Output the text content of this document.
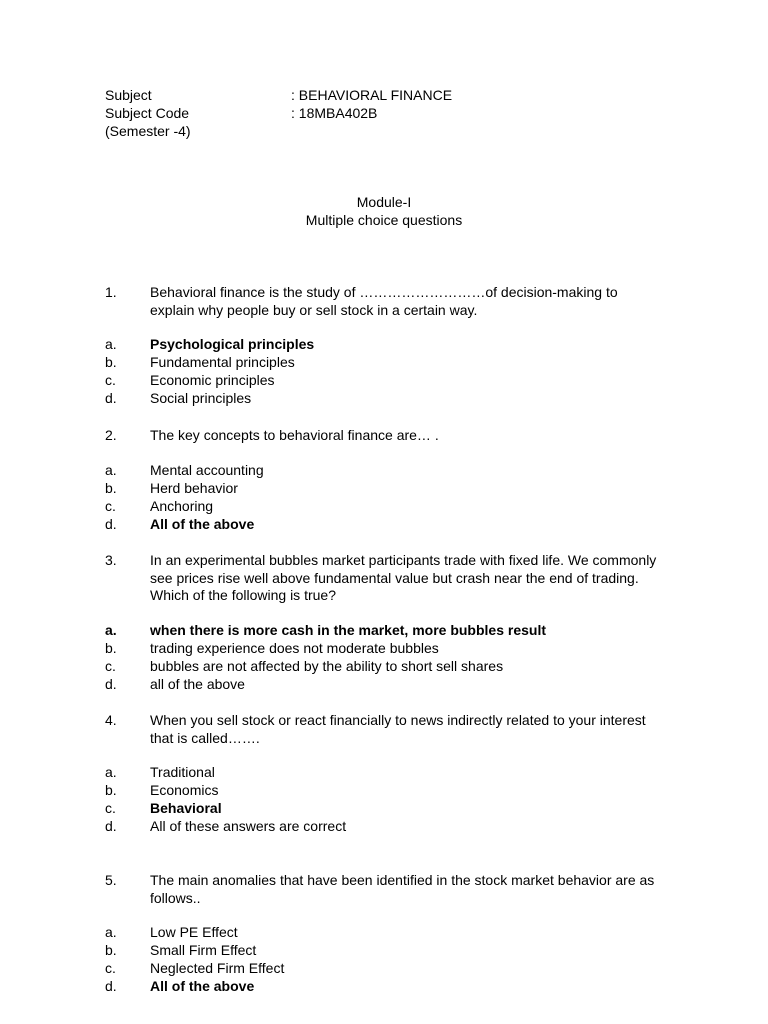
Subject	: BEHAVIORAL FINANCE
Subject Code	: 18MBA402B
(Semester -4)
Module-I
Multiple choice questions
1.	Behavioral finance is the study of ………………………of decision-making to explain why people buy or sell stock in a certain way.
a.	Psychological principles
b.	Fundamental principles
c.	Economic principles
d.	Social principles
2.	The key concepts to behavioral finance are… .
a.	Mental accounting
b.	Herd behavior
c.	Anchoring
d.	All of the above
3.	In an experimental bubbles market participants trade with fixed life. We commonly see prices rise well above fundamental value but crash near the end of trading. Which of the following is true?
a.	when there is more cash in the market, more bubbles result
b.	trading experience does not moderate bubbles
c.	bubbles are not affected by the ability to short sell shares
d.	all of the above
4.	When you sell stock or react financially to news indirectly related to your interest that is called…….
a.	Traditional
b.	Economics
c.	Behavioral
d.	All of these answers are correct
5.	The main anomalies that have been identified in the stock market behavior are as follows..
a.	Low PE Effect
b.	Small Firm Effect
c.	Neglected Firm Effect
d.	All of the above
